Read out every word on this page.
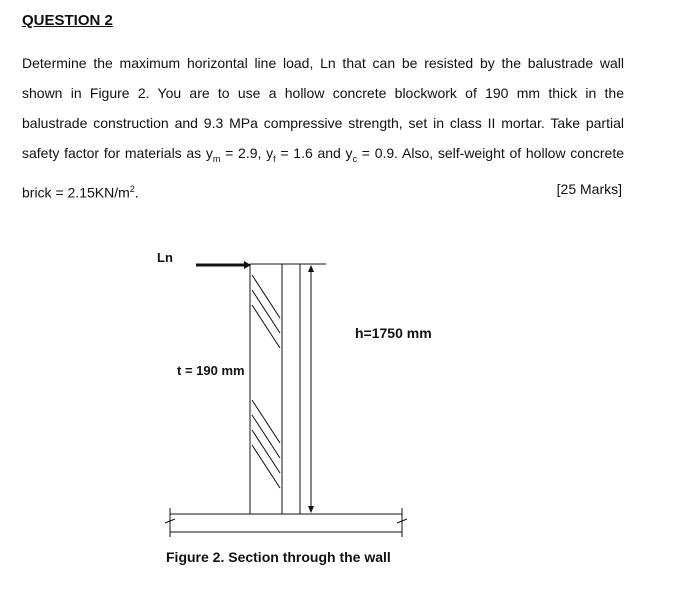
QUESTION 2
Determine the maximum horizontal line load, Ln that can be resisted by the balustrade wall
shown in Figure 2. You are to use a hollow concrete blockwork of 190 mm thick in the
balustrade construction and 9.3 MPa compressive strength, set in class II mortar. Take partial
safety factor for materials as $y_m = 2.9$, $y_f = 1.6$ and $y_c = 0.9$. Also, self-weight of hollow concrete
brick = $2.15KN/m^2$.	[25 Marks]
Ln
t = 190 mm
h=1750 mm
Figure 2. Section through the wall
